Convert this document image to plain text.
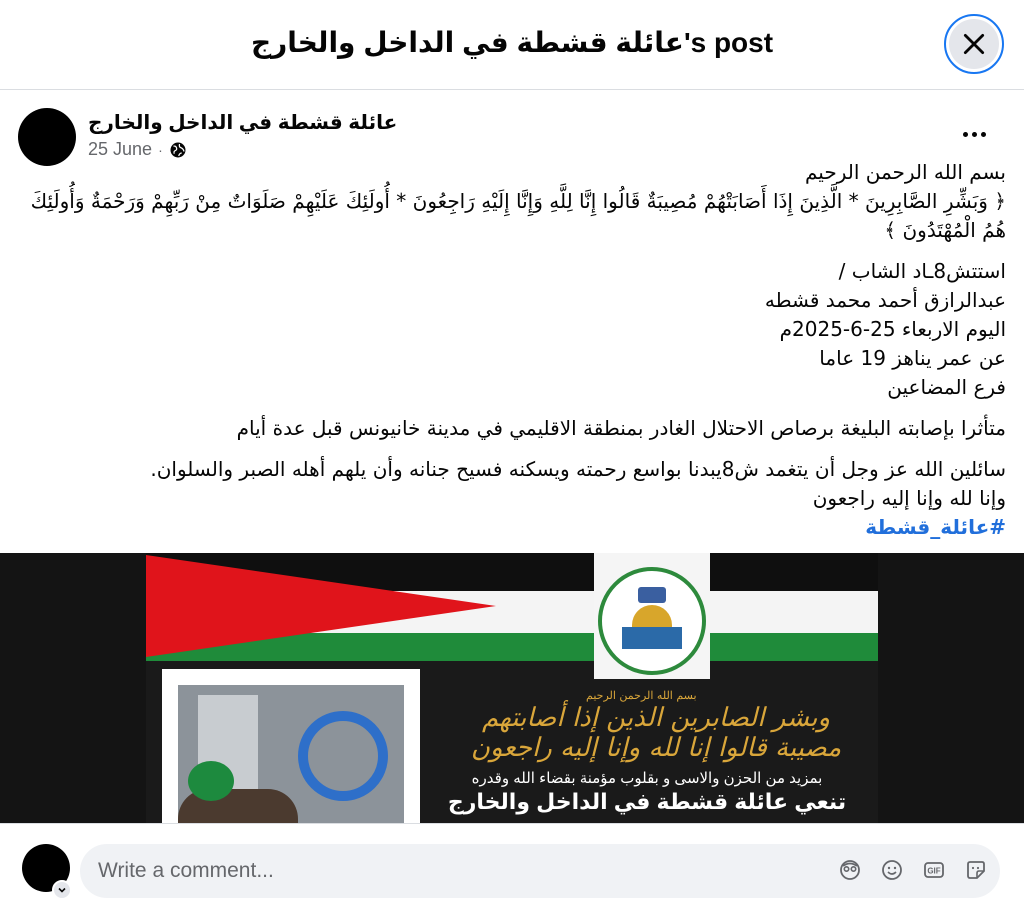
عائلة قشطة في الداخل والخارج's post
عائلة قشطة في الداخل والخارج
25 June ·

بسم الله الرحمن الرحيم

﴿ وَبَشِّرِ الصَّابِرِينَ * الَّذِينَ إِذَا أَصَابَتْهُمْ مُصِيبَةٌ قَالُوا إِنَّا لِلَّهِ وَإِنَّا إِلَيْهِ رَاجِعُونَ * أُولَئِكَ عَلَيْهِمْ صَلَوَاتٌ مِنْ رَبِّهِمْ وَرَحْمَةٌ وَأُولَئِكَ هُمُ الْمُهْتَدُونَ ﴾

استتش8ـاد الشاب /

عبدالرازق أحمد محمد قشطه

اليوم الاربعاء 25-6-2025م

عن عمر يناهز 19 عاما

فرع المضاعين

متأثرا بإصابته البليغة برصاص الاحتلال الغادر بمنطقة الاقليمي في مدينة خانيونس قبل عدة أيام

سائلين الله عز وجل أن يتغمد ش8يبدنا بواسع رحمته ويسكنه فسيح جنانه وأن يلهم أهله الصبر والسلوان.

وإنا لله وإنا إليه راجعون

#عائلة_قشطة

بسم الله الرحمن الرحيم
وبشر الصابرين الذين إذا أصابتهم مصيبة قالوا إنا لله وإنا إليه راجعون
بمزيد من الحزن والاسى و بقلوب مؤمنة بقضاء الله وقدره
تنعي عائلة قشطة في الداخل والخارج
Write a comment...
GIF
